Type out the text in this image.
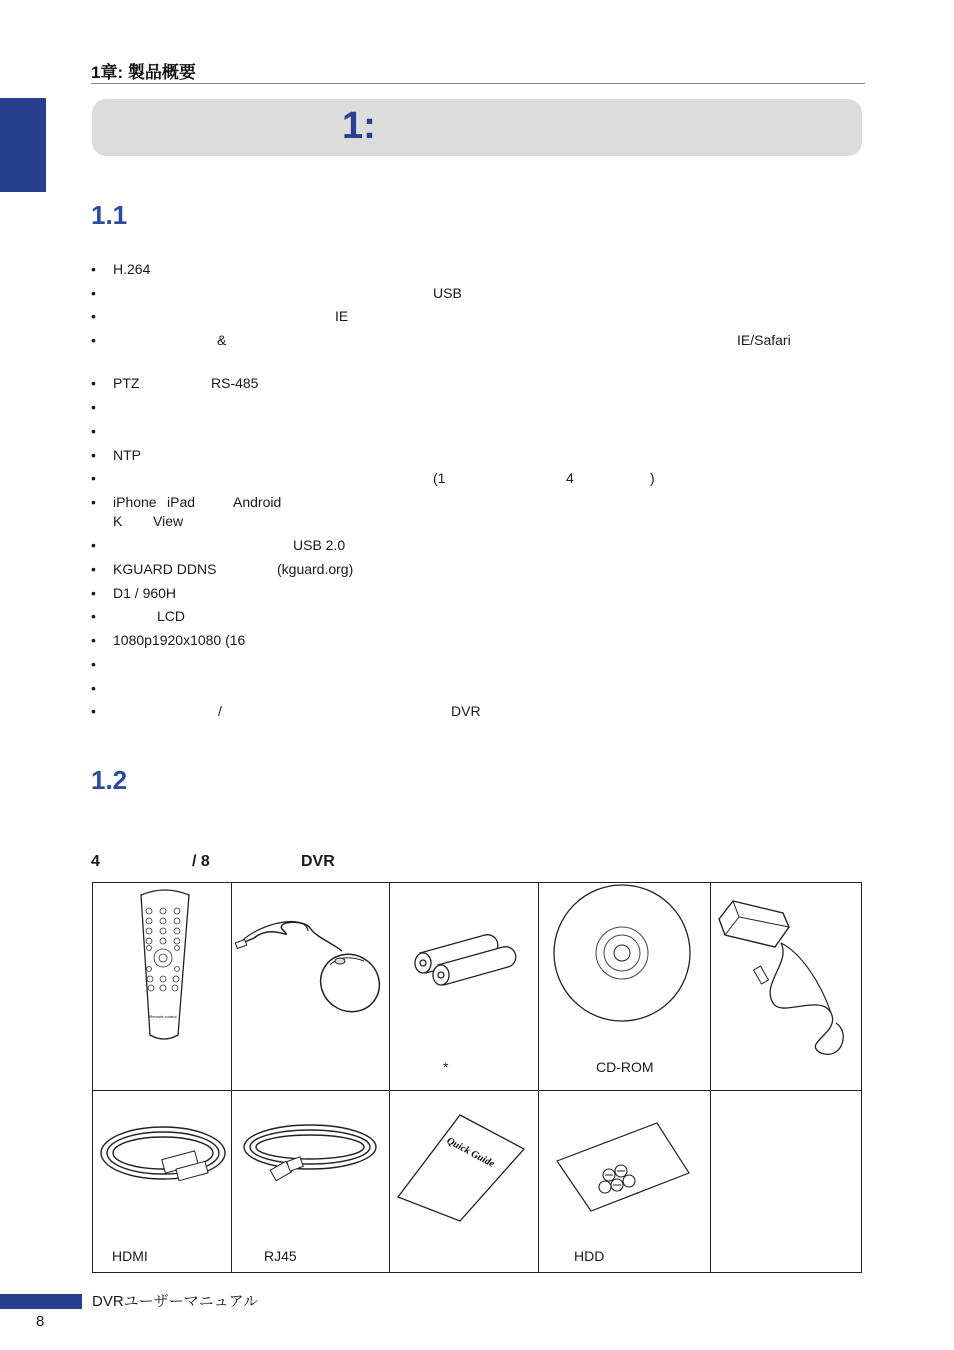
1章: 製品概要
1:
1.1
• H.264
•	USB
•	IE
•	&	IE/Safari
• PTZ	RS-485
•
•
• NTP
•	(1	4	)
• iPhone iPad	Android
K View
•	USB 2.0
• KGUARD DDNS	(kguard.org)
• D1 / 960H
•	LCD
• 1080p1920x1080 (16
•
•
•	/	DVR
1.2
4	/ 8	DVR
Remote control
*	CD-ROM
HDMI	RJ45
Quick Guide
HDD
DVRユーザーマニュアル
8
